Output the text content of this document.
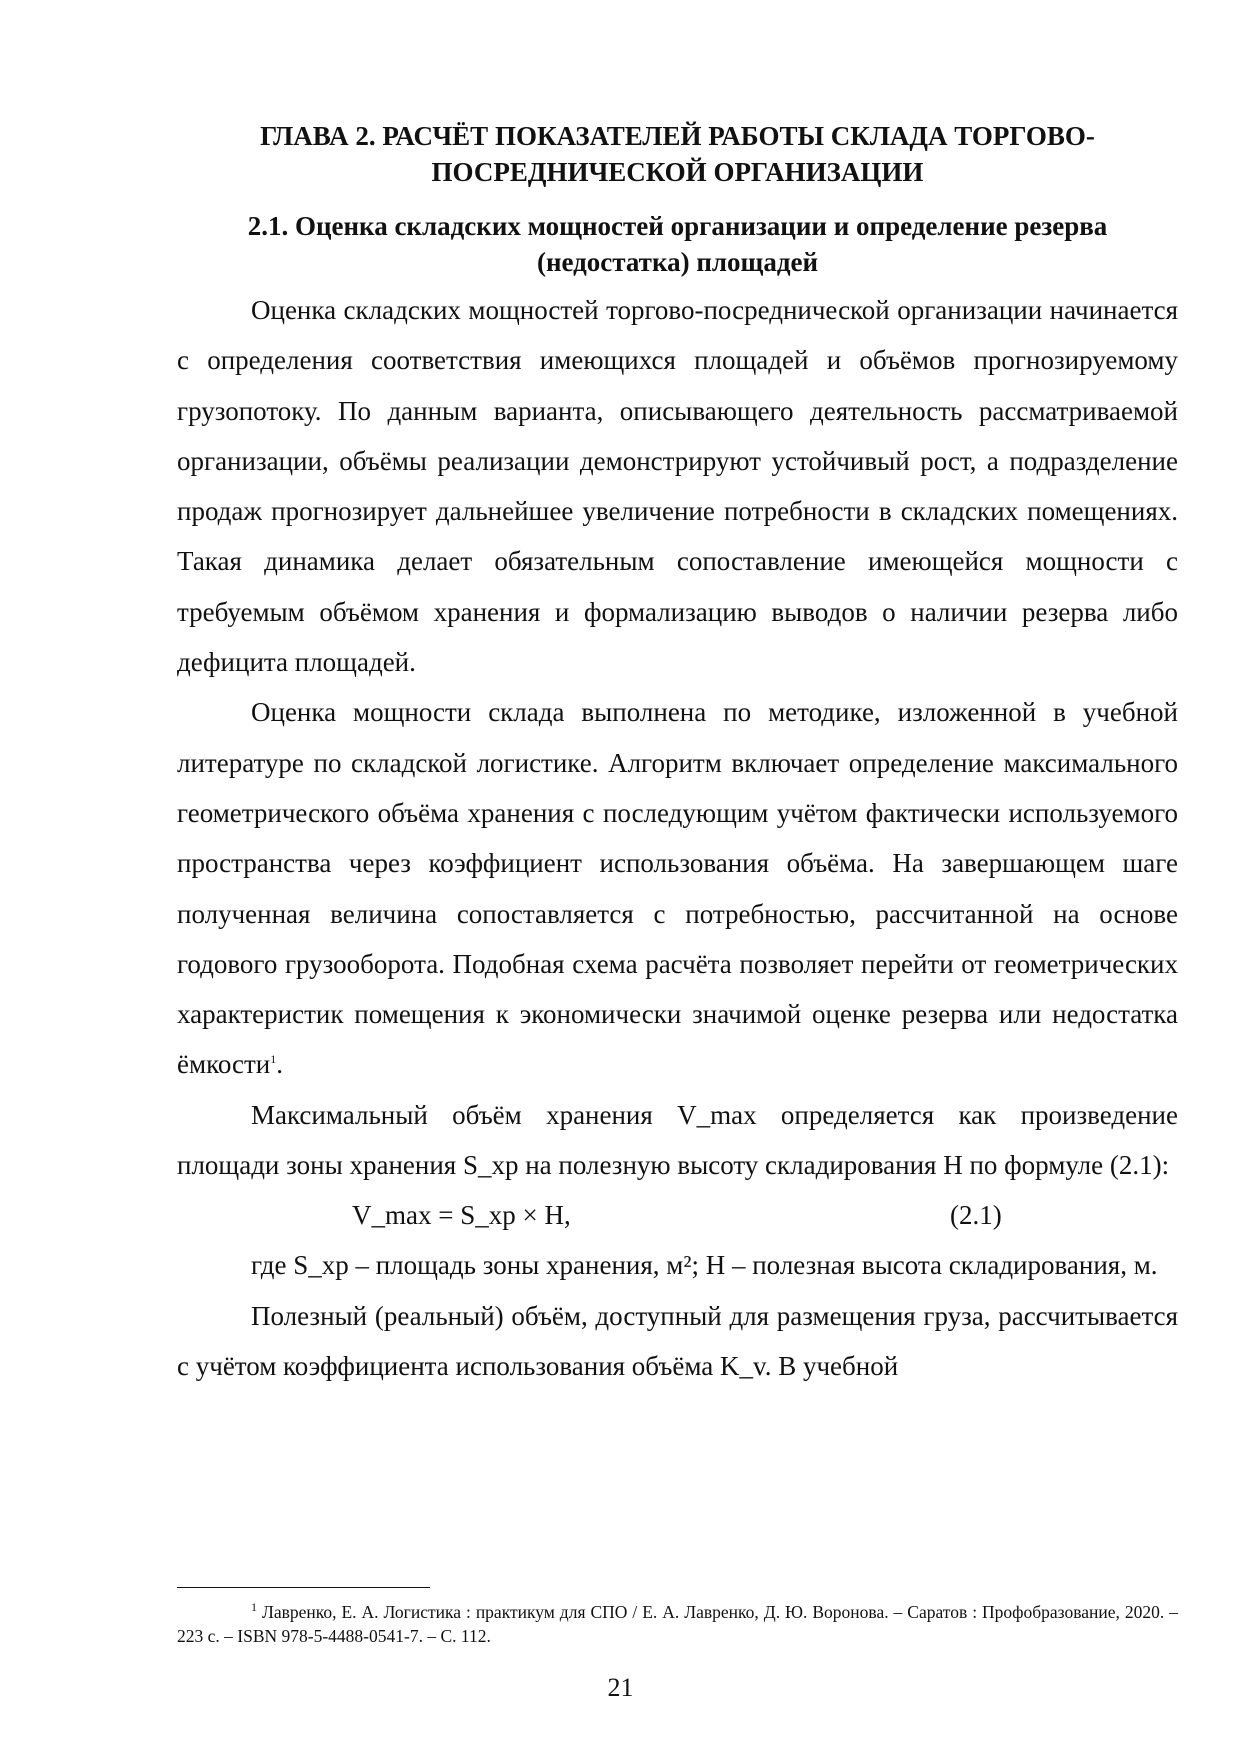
ГЛАВА 2. РАСЧЁТ ПОКАЗАТЕЛЕЙ РАБОТЫ СКЛАДА ТОРГОВО-
ПОСРЕДНИЧЕСКОЙ ОРГАНИЗАЦИИ
2.1. Оценка складских мощностей организации и определение резерва
(недостатка) площадей

Оценка складских мощностей торгово-посреднической организации начинается с определения соответствия имеющихся площадей и объёмов прогнозируемому грузопотоку. По данным варианта, описывающего деятельность рассматриваемой организации, объёмы реализации демонстрируют устойчивый рост, а подразделение продаж прогнозирует дальнейшее увеличение потребности в складских помещениях. Такая динамика делает обязательным сопоставление имеющейся мощности с требуемым объёмом хранения и формализацию выводов о наличии резерва либо дефицита площадей.

Оценка мощности склада выполнена по методике, изложенной в учебной литературе по складской логистике. Алгоритм включает определение максимального геометрического объёма хранения с последующим учётом фактически используемого пространства через коэффициент использования объёма. На завершающем шаге полученная величина сопоставляется с потребностью, рассчитанной на основе годового грузооборота. Подобная схема расчёта позволяет перейти от геометрических характеристик помещения к экономически значимой оценке резерва или недостатка ёмкости$^1$.

Максимальный объём хранения V_max определяется как произведение площади зоны хранения S_хр на полезную высоту складирования H по формуле (2.1):

V_max = S_хр × H,	(2.1)

где S_хр – площадь зоны хранения, м²; H – полезная высота складирования, м.

Полезный (реальный) объём, доступный для размещения груза, рассчитывается с учётом коэффициента использования объёма K_v. В учебной

$^1$ Лавренко, Е. А. Логистика : практикум для СПО / Е. А. Лавренко, Д. Ю. Воронова. – Саратов : Профобразование, 2020. – 223 с. – ISBN 978-5-4488-0541-7. – С. 112.
21
